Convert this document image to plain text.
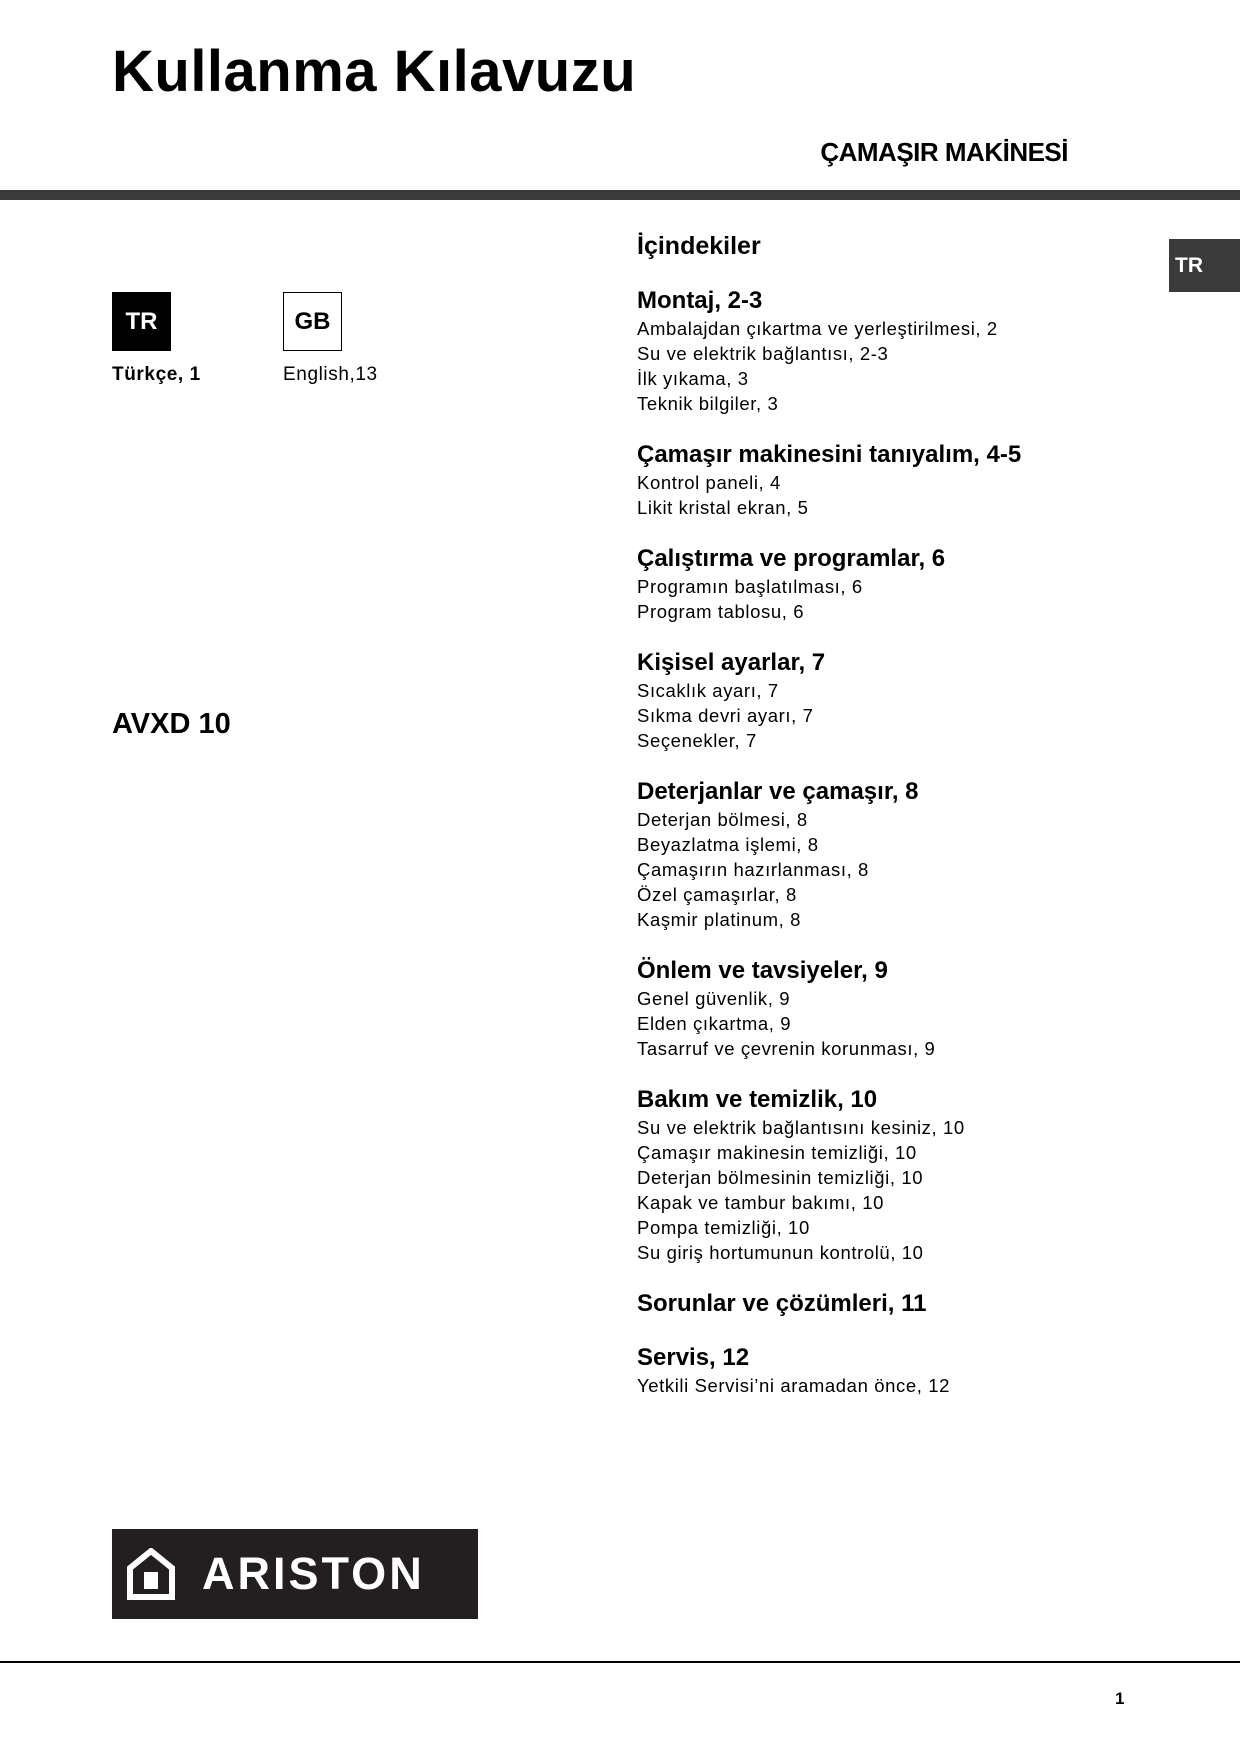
Kullanma Kılavuzu
ÇAMAŞIR MAKİNESİ
TR
TR
Türkçe, 1
GB
English,13
AVXD 10
İçindekiler
Montaj, 2-3
Ambalajdan çıkartma ve yerleştirilmesi, 2
Su ve elektrik bağlantısı, 2-3
İlk yıkama, 3
Teknik bilgiler, 3
Çamaşır makinesini tanıyalım, 4-5
Kontrol paneli, 4
Likit kristal ekran, 5
Çalıştırma ve programlar, 6
Programın başlatılması, 6
Program tablosu, 6
Kişisel ayarlar, 7
Sıcaklık ayarı, 7
Sıkma devri ayarı, 7
Seçenekler, 7
Deterjanlar ve çamaşır, 8
Deterjan bölmesi, 8
Beyazlatma işlemi, 8
Çamaşırın hazırlanması, 8
Özel çamaşırlar, 8
Kaşmir platinum, 8
Önlem ve tavsiyeler, 9
Genel güvenlik, 9
Elden çıkartma, 9
Tasarruf ve çevrenin korunması, 9
Bakım ve temizlik, 10
Su ve elektrik bağlantısını kesiniz, 10
Çamaşır makinesin temizliği, 10
Deterjan bölmesinin temizliği, 10
Kapak ve tambur bakımı, 10
Pompa temizliği, 10
Su giriş hortumunun kontrolü, 10
Sorunlar ve çözümleri, 11
Servis, 12
Yetkili Servisi’ni aramadan önce, 12
ARISTON
1
